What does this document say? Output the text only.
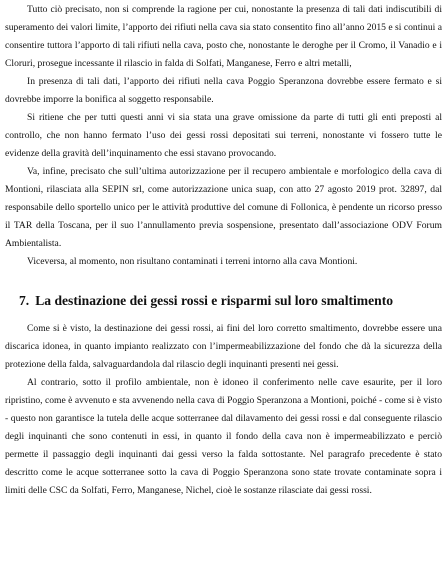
Tutto ciò precisato, non si comprende la ragione per cui, nonostante la presenza di tali dati indiscutibili di superamento dei valori limite, l’apporto dei rifiuti nella cava sia stato consentito fino all’anno 2015 e si continui a consentire tuttora l’apporto di tali rifiuti nella cava, posto che, nonostante le deroghe per il Cromo, il Vanadio e i Cloruri, prosegue incessante il rilascio in falda di Solfati, Manganese, Ferro e altri metalli,

In presenza di tali dati, l’apporto dei rifiuti nella cava Poggio Speranzona dovrebbe essere fermato e si dovrebbe imporre la bonifica al soggetto responsabile.

Si ritiene che per tutti questi anni vi sia stata una grave omissione da parte di tutti gli enti preposti al controllo, che non hanno fermato l’uso dei gessi rossi depositati sui terreni, nonostante vi fossero tutte le evidenze della gravità dell’inquinamento che essi stavano provocando.

Va, infine, precisato che sull’ultima autorizzazione per il recupero ambientale e morfologico della cava di Montioni, rilasciata alla SEPIN srl, come autorizzazione unica suap, con atto 27 agosto 2019 prot. 32897, dal responsabile dello sportello unico per le attività produttive del comune di Follonica, è pendente un ricorso presso il TAR della Toscana, per il suo l’annullamento previa sospensione, presentato dall’associazione ODV Forum Ambientalista.

Viceversa, al momento, non risultano contaminati i terreni intorno alla cava Montioni.

7. La destinazione dei gessi rossi e risparmi sul loro smaltimento

Come si è visto, la destinazione dei gessi rossi, ai fini del loro corretto smaltimento, dovrebbe essere una discarica idonea, in quanto impianto realizzato con l’impermeabilizzazione del fondo che dà la sicurezza della protezione della falda, salvaguardandola dal rilascio degli inquinanti presenti nei gessi.

Al contrario, sotto il profilo ambientale, non è idoneo il conferimento nelle cave esaurite, per il loro ripristino, come è avvenuto e sta avvenendo nella cava di Poggio Speranzona a Montioni, poiché - come si è visto - questo non garantisce la tutela delle acque sotterranee dal dilavamento dei gessi rossi e dal conseguente rilascio degli inquinanti che sono contenuti in essi, in quanto il fondo della cava non è impermeabilizzato e perciò permette il passaggio degli inquinanti dai gessi verso la falda sottostante. Nel paragrafo precedente è stato descritto come le acque sotterranee sotto la cava di Poggio Speranzona sono state trovate contaminate sopra i limiti delle CSC da Solfati, Ferro, Manganese, Nichel, cioè le sostanze rilasciate dai gessi rossi.
